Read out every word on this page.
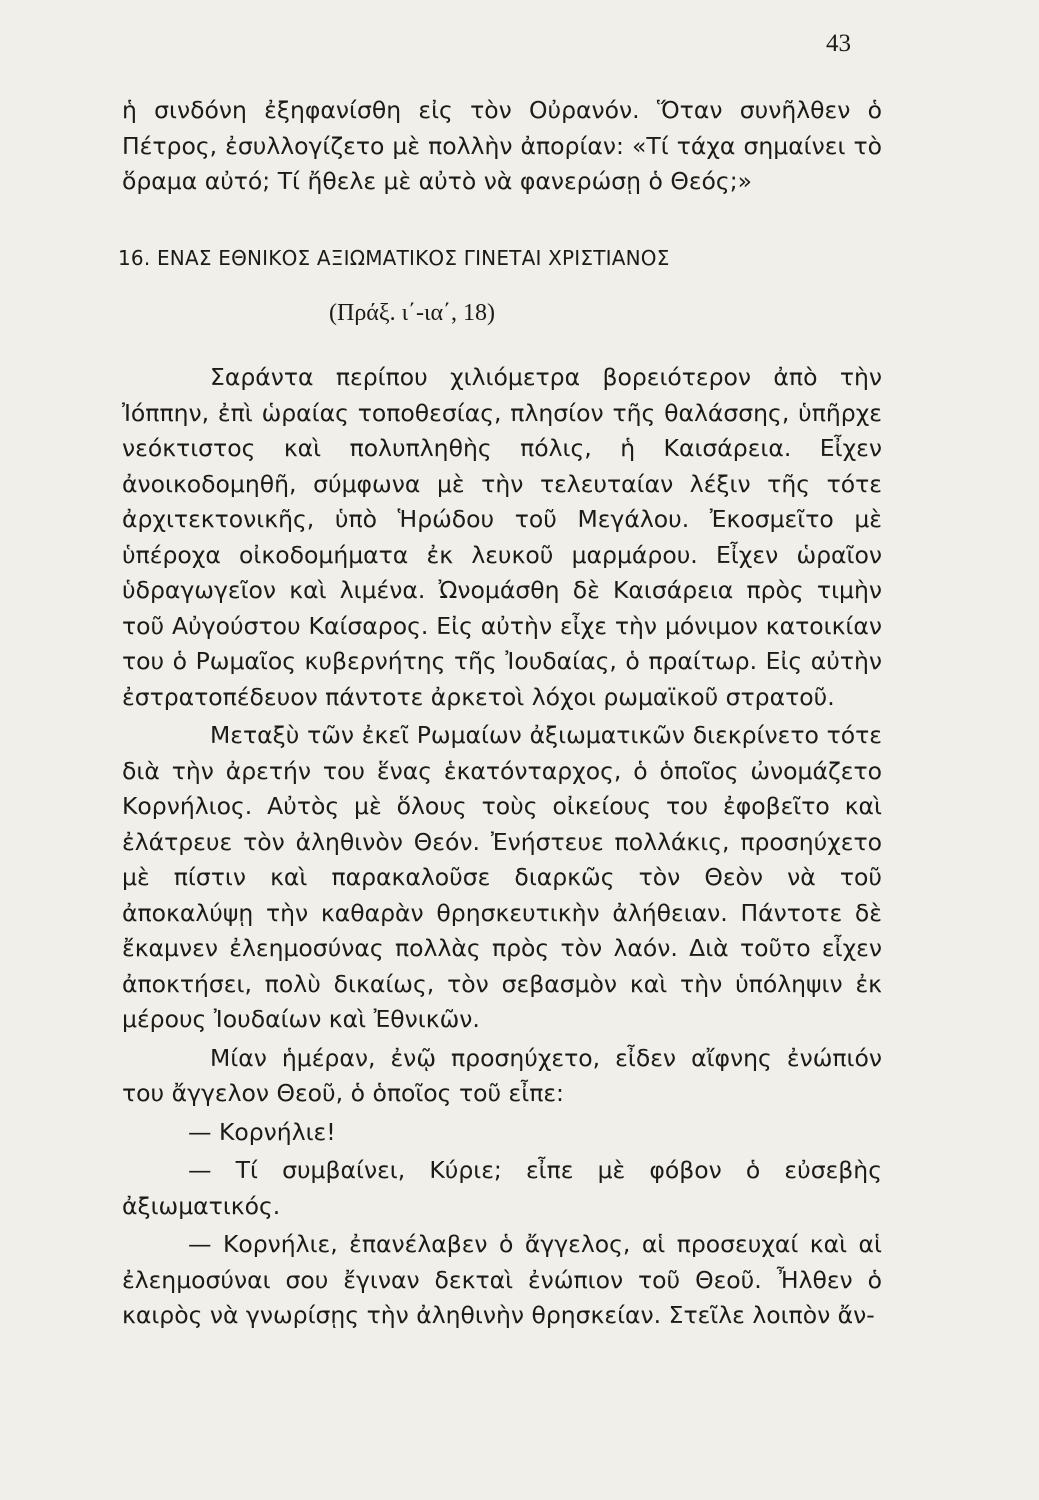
43
ἡ σινδόνη ἐξηφανίσθη εἰς τὸν Οὐρανόν. Ὅταν συνῆλθεν ὁ Πέτρος, ἐσυλλογίζετο μὲ πολλὴν ἀπορίαν: «Τί τάχα σημαίνει τὸ ὅραμα αὐτό; Τί ἤθελε μὲ αὐτὸ νὰ φανερώσῃ ὁ Θεός;»
16. ΕΝΑΣ ΕΘΝΙΚΟΣ ΑΞΙΩΜΑΤΙΚΟΣ ΓΙΝΕΤΑΙ ΧΡΙΣΤΙΑΝΟΣ
(Πράξ. ι΄-ια΄, 18)

Σαράντα περίπου χιλιόμετρα βορειότερον ἀπὸ τὴν Ἰόππην, ἐπὶ ὡραίας τοποθεσίας, πλησίον τῆς θαλάσσης, ὑπῆρχε νεόκτιστος καὶ πολυπληθὴς πόλις, ἡ Καισάρεια. Εἶχεν ἀνοικοδομηθῆ, σύμφωνα μὲ τὴν τελευταίαν λέξιν τῆς τότε ἀρχιτεκτονικῆς, ὑπὸ Ἡρώδου τοῦ Μεγάλου. Ἐκοσμεῖτο μὲ ὑπέροχα οἰκοδομήματα ἐκ λευκοῦ μαρμάρου. Εἶχεν ὡραῖον ὑδραγωγεῖον καὶ λιμένα. Ὠνομάσθη δὲ Καισάρεια πρὸς τιμὴν τοῦ Αὐγούστου Καίσαρος. Εἰς αὐτὴν εἶχε τὴν μόνιμον κατοικίαν του ὁ Ρωμαῖος κυβερνήτης τῆς Ἰουδαίας, ὁ πραίτωρ. Εἰς αὐτὴν ἐστρατοπέδευον πάντοτε ἀρκετοὶ λόχοι ρωμαϊκοῦ στρατοῦ.

Μεταξὺ τῶν ἐκεῖ Ρωμαίων ἀξιωματικῶν διεκρίνετο τότε διὰ τὴν ἀρετήν του ἕνας ἑκατόνταρχος, ὁ ὁποῖος ὠνομάζετο Κορνήλιος. Αὐτὸς μὲ ὅλους τοὺς οἰκείους του ἐφοβεῖτο καὶ ἐλάτρευε τὸν ἀληθινὸν Θεόν. Ἐνήστευε πολλάκις, προσηύχετο μὲ πίστιν καὶ παρακαλοῦσε διαρκῶς τὸν Θεὸν νὰ τοῦ ἀποκαλύψῃ τὴν καθαρὰν θρησκευτικὴν ἀλήθειαν. Πάντοτε δὲ ἔκαμνεν ἐλεημοσύνας πολλὰς πρὸς τὸν λαόν. Διὰ τοῦτο εἶχεν ἀποκτήσει, πολὺ δικαίως, τὸν σεβασμὸν καὶ τὴν ὑπόληψιν ἐκ μέρους Ἰουδαίων καὶ Ἐθνικῶν.

Μίαν ἡμέραν, ἐνῷ προσηύχετο, εἶδεν αἴφνης ἐνώπιόν του ἄγγελον Θεοῦ, ὁ ὁποῖος τοῦ εἶπε:

— Κορνήλιε!

— Τί συμβαίνει, Κύριε; εἶπε μὲ φόβον ὁ εὐσεβὴς ἀξιωματικός.

— Κορνήλιε, ἐπανέλαβεν ὁ ἄγγελος, αἱ προσευχαί καὶ αἱ ἐλεημοσύναι σου ἔγιναν δεκταὶ ἐνώπιον τοῦ Θεοῦ. Ἦλθεν ὁ καιρὸς νὰ γνωρίσῃς τὴν ἀληθινὴν θρησκείαν. Στεῖλε λοιπὸν ἄν-
